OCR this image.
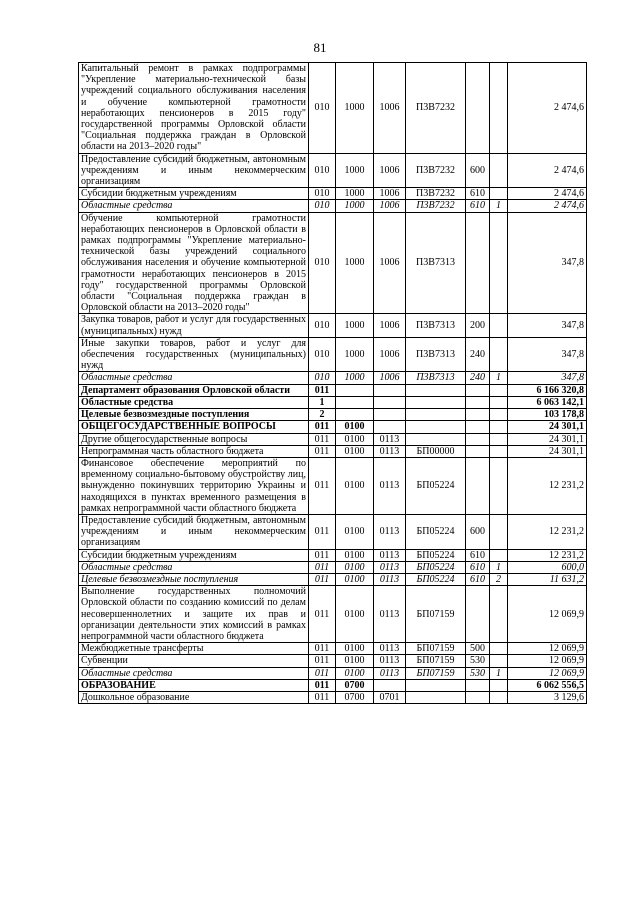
81
Капитальный ремонт в рамках подпрограммы "Укрепление материально-технической базы учреждений социального обслуживания населения и обучение компьютерной грамотности неработающих пенсионеров в 2015 году" государственной программы Орловской области "Социальная поддержка граждан в Орловской области на 2013–2020 годы"	010	1000	1006	П3В7232			2 474,6
Предоставление субсидий бюджетным, автономным учреждениям и иным некоммерческим организациям	010	1000	1006	П3В7232	600		2 474,6
Субсидии бюджетным учреждениям	010	1000	1006	П3В7232	610		2 474,6
Областные средства	010	1000	1006	П3В7232	610	1	2 474,6
Обучение компьютерной грамотности неработающих пенсионеров в Орловской области в рамках подпрограммы "Укрепление материально-технической базы учреждений социального обслуживания населения и обучение компьютерной грамотности неработающих пенсионеров в 2015 году" государственной программы Орловской области "Социальная поддержка граждан в Орловской области на 2013–2020 годы"	010	1000	1006	П3В7313			347,8
Закупка товаров, работ и услуг для государственных (муниципальных) нужд	010	1000	1006	П3В7313	200		347,8
Иные закупки товаров, работ и услуг для обеспечения государственных (муниципальных) нужд	010	1000	1006	П3В7313	240		347,8
Областные средства	010	1000	1006	П3В7313	240	1	347,8
Департамент образования Орловской области	011						6 166 320,8
Областные средства	1						6 063 142,1
Целевые безвозмездные поступления	2						103 178,8
ОБЩЕГОСУДАРСТВЕННЫЕ ВОПРОСЫ	011	0100					24 301,1
Другие общегосударственные вопросы	011	0100	0113				24 301,1
Непрограммная часть областного бюджета	011	0100	0113	БП00000			24 301,1
Финансовое обеспечение мероприятий по временному социально-бытовому обустройству лиц, вынужденно покинувших территорию Украины и находящихся в пунктах временного размещения в рамках непрограммной части областного бюджета	011	0100	0113	БП05224			12 231,2
Предоставление субсидий бюджетным, автономным учреждениям и иным некоммерческим организациям	011	0100	0113	БП05224	600		12 231,2
Субсидии бюджетным учреждениям	011	0100	0113	БП05224	610		12 231,2
Областные средства	011	0100	0113	БП05224	610	1	600,0
Целевые безвозмездные поступления	011	0100	0113	БП05224	610	2	11 631,2
Выполнение государственных полномочий Орловской области по созданию комиссий по делам несовершеннолетних и защите их прав и организации деятельности этих комиссий в рамках непрограммной части областного бюджета	011	0100	0113	БП07159			12 069,9
Межбюджетные трансферты	011	0100	0113	БП07159	500		12 069,9
Субвенции	011	0100	0113	БП07159	530		12 069,9
Областные средства	011	0100	0113	БП07159	530	1	12 069,9
ОБРАЗОВАНИЕ	011	0700					6 062 556,5
Дошкольное образование	011	0700	0701				3 129,6
